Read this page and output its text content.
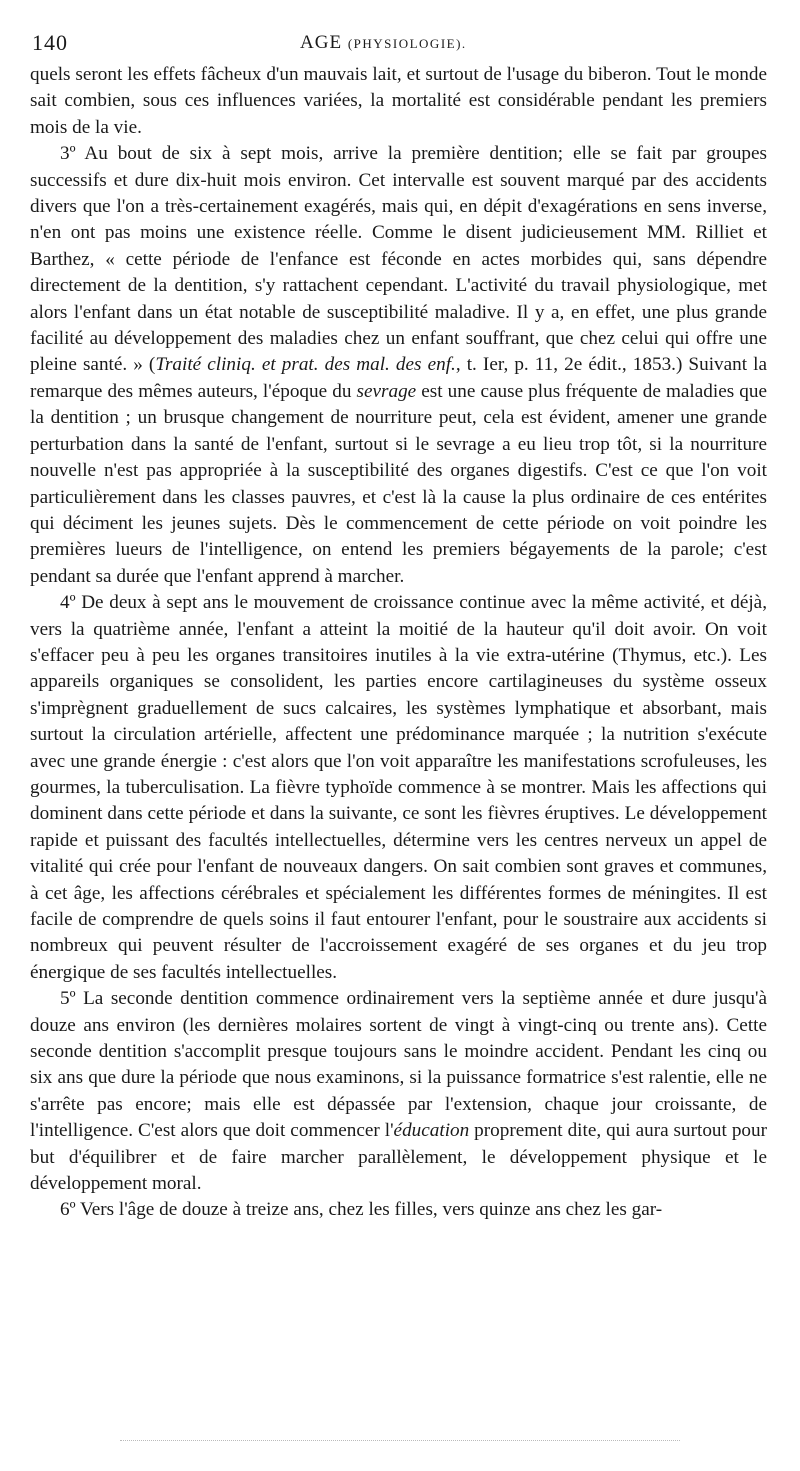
140	AGE (PHYSIOLOGIE).

quels seront les effets fâcheux d'un mauvais lait, et surtout de l'usage du biberon. Tout le monde sait combien, sous ces influences variées, la mortalité est considérable pendant les premiers mois de la vie.

3º Au bout de six à sept mois, arrive la première dentition; elle se fait par groupes successifs et dure dix-huit mois environ. Cet intervalle est souvent marqué par des accidents divers que l'on a très-certainement exagérés, mais qui, en dépit d'exagérations en sens inverse, n'en ont pas moins une existence réelle. Comme le disent judicieusement MM. Rilliet et Barthez, « cette période de l'enfance est féconde en actes morbides qui, sans dépendre directement de la dentition, s'y rattachent cependant. L'activité du travail physiologique, met alors l'enfant dans un état notable de susceptibilité maladive. Il y a, en effet, une plus grande facilité au développement des maladies chez un enfant souffrant, que chez celui qui offre une pleine santé. » (Traité cliniq. et prat. des mal. des enf., t. Ier, p. 11, 2e édit., 1853.) Suivant la remarque des mêmes auteurs, l'époque du sevrage est une cause plus fréquente de maladies que la dentition ; un brusque changement de nourriture peut, cela est évident, amener une grande perturbation dans la santé de l'enfant, surtout si le sevrage a eu lieu trop tôt, si la nourriture nouvelle n'est pas appropriée à la susceptibilité des organes digestifs. C'est ce que l'on voit particulièrement dans les classes pauvres, et c'est là la cause la plus ordinaire de ces entérites qui déciment les jeunes sujets. Dès le commencement de cette période on voit poindre les premières lueurs de l'intelligence, on entend les premiers bégayements de la parole; c'est pendant sa durée que l'enfant apprend à marcher.

4º De deux à sept ans le mouvement de croissance continue avec la même activité, et déjà, vers la quatrième année, l'enfant a atteint la moitié de la hauteur qu'il doit avoir. On voit s'effacer peu à peu les organes transitoires inutiles à la vie extra-utérine (Thymus, etc.). Les appareils organiques se consolident, les parties encore cartilagineuses du système osseux s'imprègnent graduellement de sucs calcaires, les systèmes lymphatique et absorbant, mais surtout la circulation artérielle, affectent une prédominance marquée ; la nutrition s'exécute avec une grande énergie : c'est alors que l'on voit apparaître les manifestations scrofuleuses, les gourmes, la tuberculisation. La fièvre typhoïde commence à se montrer. Mais les affections qui dominent dans cette période et dans la suivante, ce sont les fièvres éruptives. Le développement rapide et puissant des facultés intellectuelles, détermine vers les centres nerveux un appel de vitalité qui crée pour l'enfant de nouveaux dangers. On sait combien sont graves et communes, à cet âge, les affections cérébrales et spécialement les différentes formes de méningites. Il est facile de comprendre de quels soins il faut entourer l'enfant, pour le soustraire aux accidents si nombreux qui peuvent résulter de l'accroissement exagéré de ses organes et du jeu trop énergique de ses facultés intellectuelles.

5º La seconde dentition commence ordinairement vers la septième année et dure jusqu'à douze ans environ (les dernières molaires sortent de vingt à vingt-cinq ou trente ans). Cette seconde dentition s'accomplit presque toujours sans le moindre accident. Pendant les cinq ou six ans que dure la période que nous examinons, si la puissance formatrice s'est ralentie, elle ne s'arrête pas encore; mais elle est dépassée par l'extension, chaque jour croissante, de l'intelligence. C'est alors que doit commencer l'éducation proprement dite, qui aura surtout pour but d'équilibrer et de faire marcher parallèlement, le développement physique et le développement moral.

6º Vers l'âge de douze à treize ans, chez les filles, vers quinze ans chez les gar-
